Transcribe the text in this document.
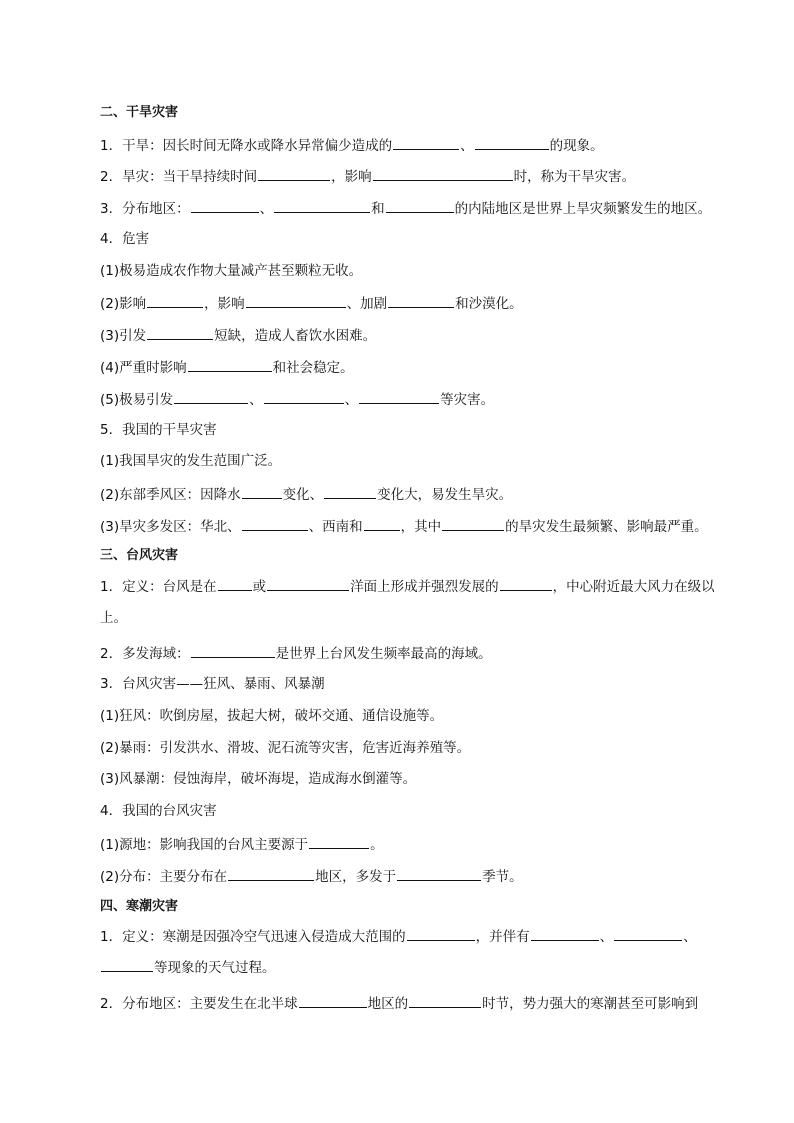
二、干旱灾害
1．干旱：因长时间无降水或降水异常偏少造成的	、	的现象。
2．旱灾：当干旱持续时间	，影响	时，称为干旱灾害。
3．分布地区：	、	和	的内陆地区是世界上旱灾频繁发生的地区。
4．危害
(1)极易造成农作物大量减产甚至颗粒无收。
(2)影响	，影响	、加剧	和沙漠化。
(3)引发	短缺，造成人畜饮水困难。
(4)严重时影响	和社会稳定。
(5)极易引发	、	、	等灾害。
5．我国的干旱灾害
(1)我国旱灾的发生范围广泛。
(2)东部季风区：因降水	变化、	变化大，易发生旱灾。
(3)旱灾多发区：华北、	、西南和	，其中	的旱灾发生最频繁、影响最严重。
三、台风灾害
1．定义：台风是在	或	洋面上形成并强烈发展的	，中心附近最大风力在级以上。
2．多发海域：	是世界上台风发生频率最高的海域。
3．台风灾害——狂风、暴雨、风暴潮
(1)狂风：吹倒房屋，拔起大树，破坏交通、通信设施等。
(2)暴雨：引发洪水、滑坡、泥石流等灾害，危害近海养殖等。
(3)风暴潮：侵蚀海岸，破坏海堤，造成海水倒灌等。
4．我国的台风灾害
(1)源地：影响我国的台风主要源于	。
(2)分布：主要分布在	地区，多发于	季节。
四、寒潮灾害
1．定义：寒潮是因强冷空气迅速入侵造成大范围的	，并伴有	、	、等现象的天气过程。
2．分布地区：主要发生在北半球	地区的	时节，势力强大的寒潮甚至可影响到
